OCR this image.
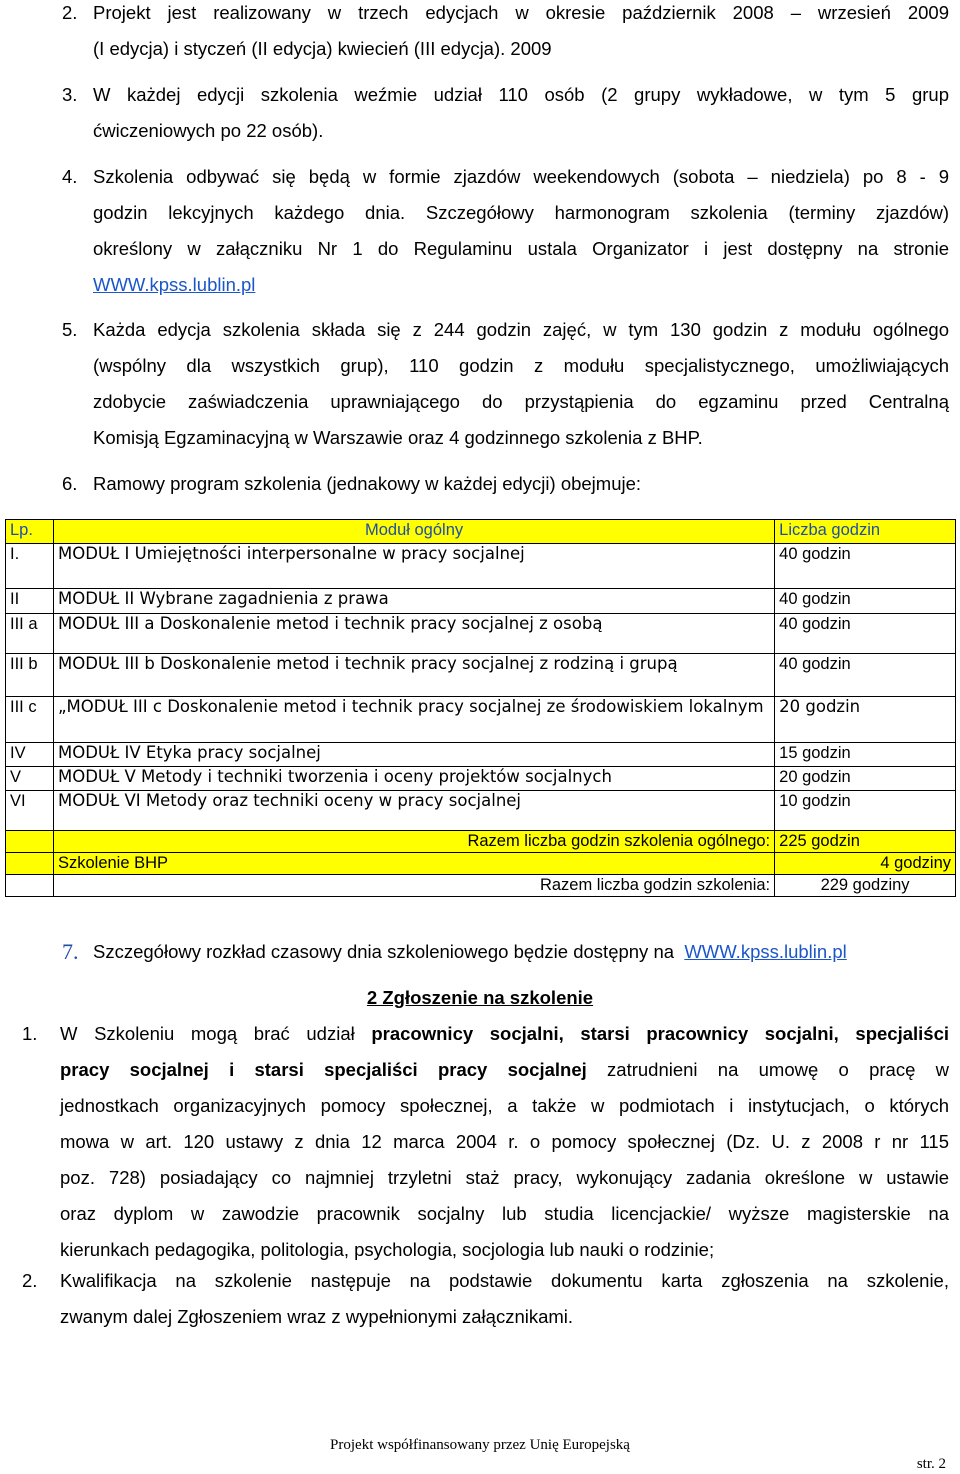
2. Projekt jest realizowany w trzech edycjach w okresie październik 2008 – wrzesień 2009
(I edycja) i styczeń (II edycja) kwiecień (III edycja). 2009
3. W każdej edycji szkolenia weźmie udział 110 osób (2 grupy wykładowe, w tym 5 grup
ćwiczeniowych po 22 osób).
4. Szkolenia odbywać się będą w formie zjazdów weekendowych (sobota – niedziela) po 8 - 9
godzin lekcyjnych każdego dnia. Szczegółowy harmonogram szkolenia (terminy zjazdów)
określony w załączniku Nr 1 do Regulaminu ustala Organizator i jest dostępny na stronie
WWW.kpss.lublin.pl
5. Każda edycja szkolenia składa się z 244 godzin zajęć, w tym 130 godzin z modułu ogólnego
(wspólny dla wszystkich grup), 110 godzin z modułu specjalistycznego, umożliwiających
zdobycie zaświadczenia uprawniającego do przystąpienia do egzaminu przed Centralną
Komisją Egzaminacyjną w Warszawie oraz 4 godzinnego szkolenia z BHP.
6. Ramowy program szkolenia (jednakowy w każdej edycji) obejmuje:
Lp.	Moduł ogólny	Liczba godzin
I.	MODUŁ I Umiejętności interpersonalne w pracy socjalnej	40 godzin
II	MODUŁ II Wybrane zagadnienia z prawa	40 godzin
III a	MODUŁ III a Doskonalenie metod i technik pracy socjalnej z osobą	40 godzin
III b	MODUŁ III b Doskonalenie metod i technik pracy socjalnej z rodziną i grupą	40 godzin
III c	„MODUŁ III c Doskonalenie metod i technik pracy socjalnej ze środowiskiem lokalnym	20 godzin
IV	MODUŁ IV Etyka pracy socjalnej	15 godzin
V	MODUŁ V Metody i techniki tworzenia i oceny projektów socjalnych	20 godzin
VI	MODUŁ VI Metody oraz techniki oceny w pracy socjalnej	10 godzin
	Razem liczba godzin szkolenia ogólnego:	225 godzin
	Szkolenie BHP	4 godziny
	Razem liczba godzin szkolenia:	229 godziny
7. Szczegółowy rozkład czasowy dnia szkoleniowego będzie dostępny na WWW.kpss.lublin.pl
2 Zgłoszenie na szkolenie
1. W Szkoleniu mogą brać udział pracownicy socjalni, starsi pracownicy socjalni, specjaliści
pracy socjalnej i starsi specjaliści pracy socjalnej zatrudnieni na umowę o pracę w
jednostkach organizacyjnych pomocy społecznej, a także w podmiotach i instytucjach, o których
mowa w art. 120 ustawy z dnia 12 marca 2004 r. o pomocy społecznej (Dz. U. z 2008 r nr 115
poz. 728) posiadający co najmniej trzyletni staż pracy, wykonujący zadania określone w ustawie
oraz dyplom w zawodzie pracownik socjalny lub studia licencjackie/ wyższe magisterskie na
kierunkach pedagogika, politologia, psychologia, socjologia lub nauki o rodzinie;
2. Kwalifikacja na szkolenie następuje na podstawie dokumentu karta zgłoszenia na szkolenie,
zwanym dalej Zgłoszeniem wraz z wypełnionymi załącznikami.
Projekt współfinansowany przez Unię Europejską
str. 2
